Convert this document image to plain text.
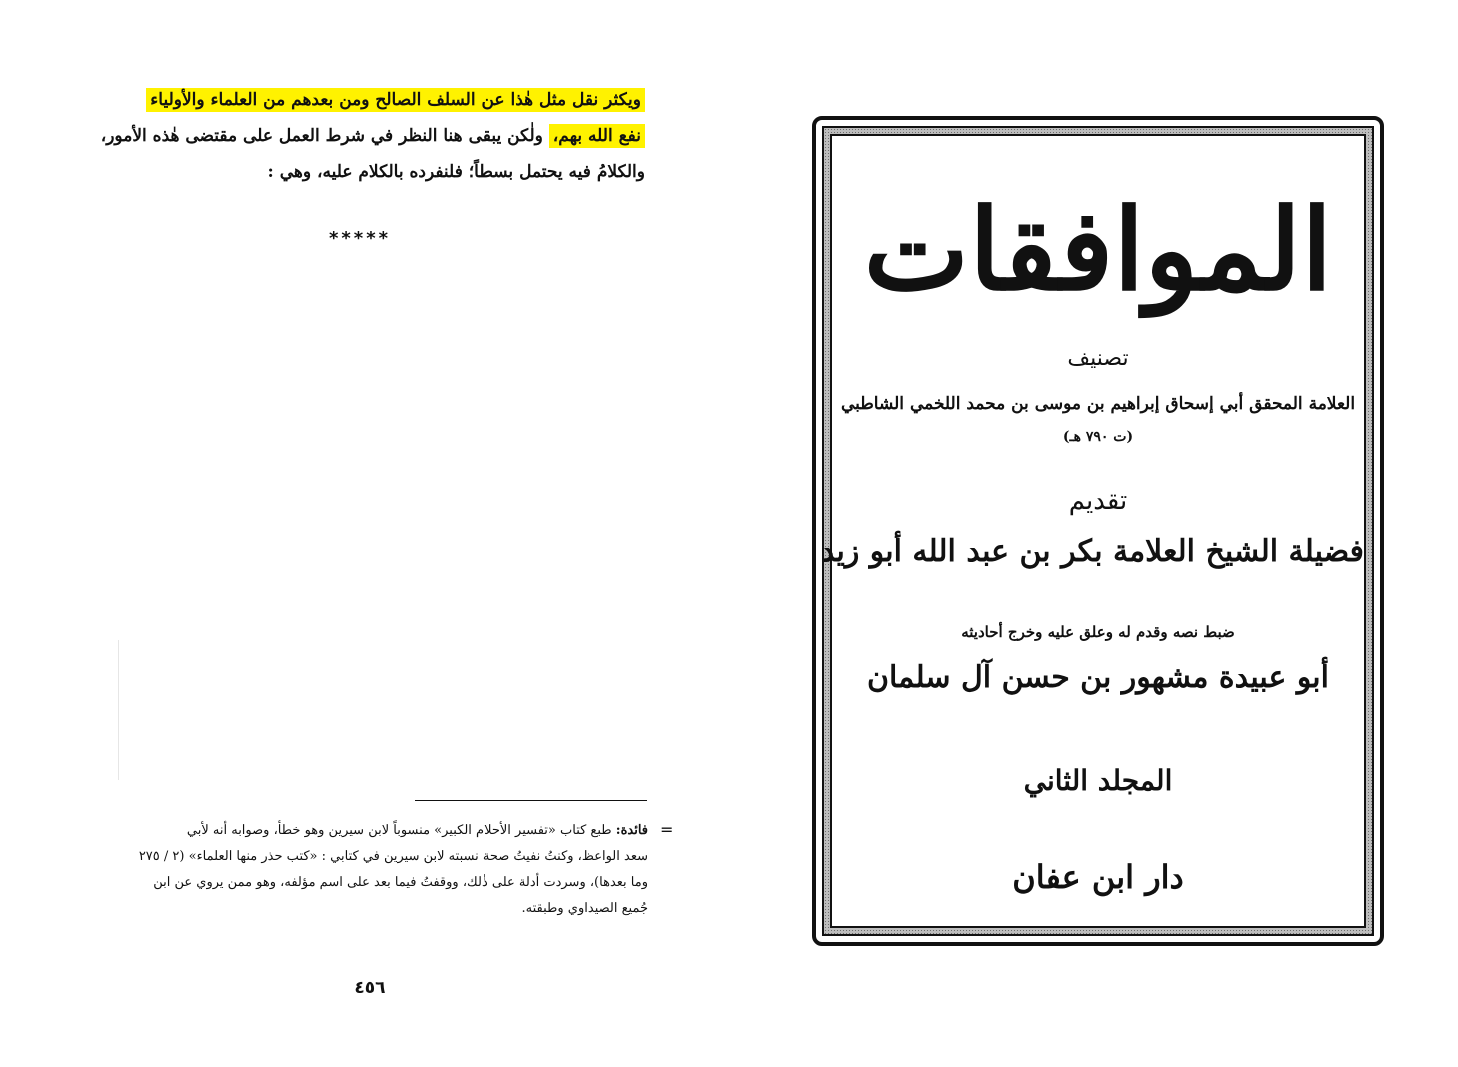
ويكثر نقل مثل هٰذا عن السلف الصالح ومن بعدهم من العلماء والأولياء

نفع الله بهم، ولٰكن يبقى هنا النظر في شرط العمل على مقتضى هٰذه الأمور،

والكلامُ فيه يحتمل بسطاً؛ فلنفرده بالكلام عليه، وهي :

*****
=

فائدة: طبع كتاب «تفسير الأحلام الكبير» منسوباً لابن سيرين وهو خطأ، وصوابه أنه لأبي

سعد الواعظ، وكنتُ نفيتُ صحة نسبته لابن سيرين في كتابي : «كتب حذر منها العلماء» (٢ / ٢٧٥

وما بعدها)، وسردت أدلة على ذٰلك، ووقفتُ فيما بعد على اسم مؤلفه، وهو ممن يروي عن ابن

جُميع الصيداوي وطبقته.

٤٥٦
الموافقات
تصنيف
العلامة المحقق أبي إسحاق إبراهيم بن موسى بن محمد اللخمي الشاطبي
(ت ٧٩٠ هـ)
تقديم
فضيلة الشيخ العلامة بكر بن عبد الله أبو زيد
ضبط نصه وقدم له وعلق عليه وخرج أحاديثه
أبو عبيدة مشهور بن حسن آل سلمان
المجلد الثاني
دار ابن عفان
